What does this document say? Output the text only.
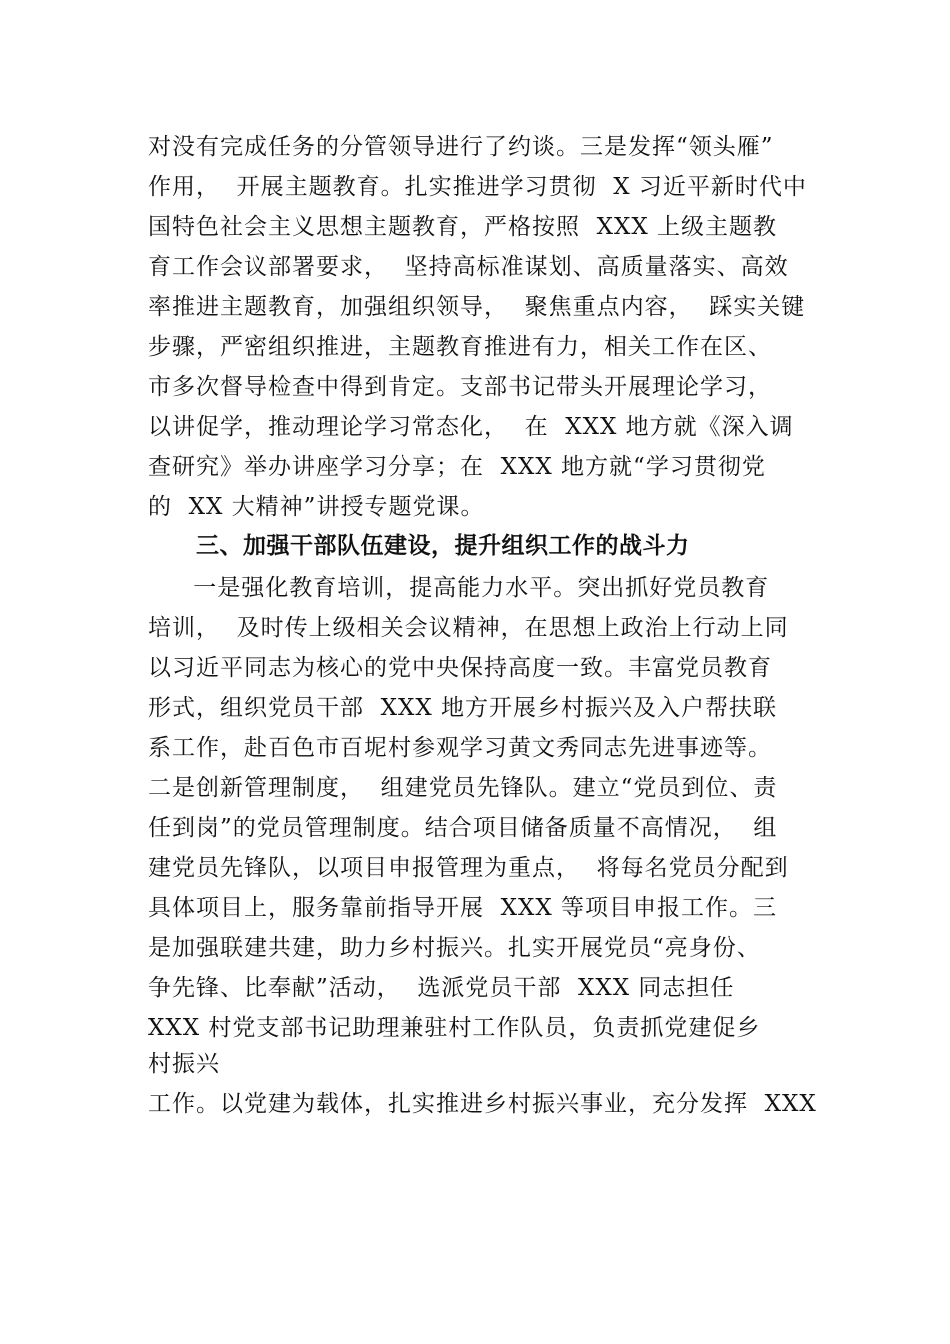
对没有完成任务的分管领导进行了约谈。三是发挥“领头雁”
作用，  开展主题教育。扎实推进学习贯彻  X 习近平新时代中
国特色社会主义思想主题教育，严格按照  XXX 上级主题教
育工作会议部署要求，  坚持高标准谋划、高质量落实、高效
率推进主题教育，加强组织领导，  聚焦重点内容，  踩实关键
步骤，严密组织推进，主题教育推进有力，相关工作在区、
市多次督导检查中得到肯定。支部书记带头开展理论学习，
以讲促学，推动理论学习常态化，  在  XXX 地方就《深入调
查研究》举办讲座学习分享；在  XXX 地方就“学习贯彻党
的  XX 大精神”讲授专题党课。
三、加强干部队伍建设，提升组织工作的战斗力
一是强化教育培训，提高能力水平。突出抓好党员教育
培训，  及时传上级相关会议精神，在思想上政治上行动上同
以习近平同志为核心的党中央保持高度一致。丰富党员教育
形式，组织党员干部  XXX 地方开展乡村振兴及入户帮扶联
系工作，赴百色市百坭村参观学习黄文秀同志先进事迹等。
二是创新管理制度，  组建党员先锋队。建立“党员到位、责
任到岗”的党员管理制度。结合项目储备质量不高情况，  组
建党员先锋队，以项目申报管理为重点，  将每名党员分配到
具体项目上，服务靠前指导开展  XXX 等项目申报工作。三
是加强联建共建，助力乡村振兴。扎实开展党员“亮身份、
争先锋、比奉献”活动，  选派党员干部  XXX 同志担任
XXX 村党支部书记助理兼驻村工作队员，负责抓党建促乡
村振兴
工作。以党建为载体，扎实推进乡村振兴事业，充分发挥  XXX
